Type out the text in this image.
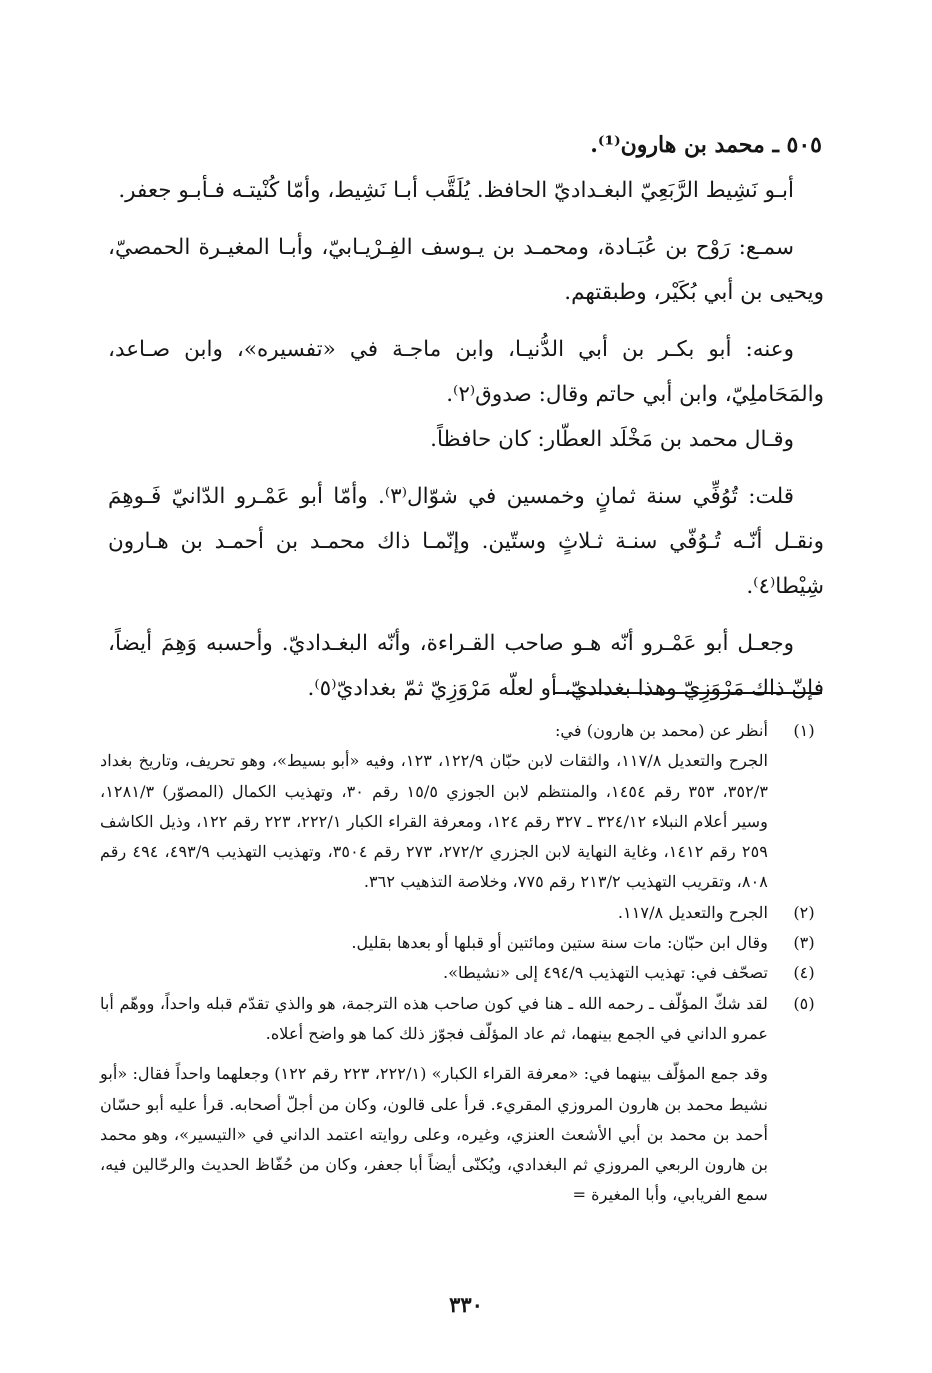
٥٠٥ ـ محمد بن هارون⁽¹⁾.

أبـو نَشِيط الرَّبَعِيّ البغـداديّ الحافظ. يُلَقَّب أبـا نَشِيط، وأمّا كُنْيتـه فـأبـو جعفر.

سمـع: رَوْح بن عُبَـادة، ومحمـد بن يـوسف الفِـرْيـابيّ، وأبـا المغيـرة الحمصيّ، ويحيى بن أبي بُكَيْر، وطبقتهم.

وعنه: أبو بكـر بن أبي الدُّنيـا، وابن ماجـة في «تفسيره»، وابن صـاعد، والمَحَاملِيّ، وابن أبي حاتم وقال: صدوق⁽٢⁾.

وقـال محمد بن مَخْلَد العطّار: كان حافظاً.

قلت: تُوُفِّي سنة ثمانٍ وخمسين في شوّال⁽٣⁾. وأمّا أبو عَمْـرو الدّانيّ فَـوهِمَ ونقـل أنّـه تُـوُفّي سنـة ثـلاثٍ وستّين. وإنّمـا ذاك محمـد بن أحمـد بن هـارون شِيْطا⁽٤⁾.

وجعـل أبو عَمْـرو أنّه هـو صاحب القـراءة، وأنّه البغـداديّ. وأحسبه وَهِمَ أيضاً، فإنّ ذاك مَرْوَزِيّ وهذا بغداديّ، أو لعلّه مَرْوَزِيّ ثمّ بغداديّ⁽٥⁾.

(١)
أنظر عن (محمد بن هارون) في:
الجرح والتعديل ١١٧/٨، والثقات لابن حبّان ١٢٢/٩، ١٢٣، وفيه «أبو بسيط»، وهو تحريف، وتاريخ بغداد ٣٥٢/٣، ٣٥٣ رقم ١٤٥٤، والمنتظم لابن الجوزي ١٥/٥ رقم ٣٠، وتهذيب الكمال (المصوّر) ١٢٨١/٣، وسير أعلام النبلاء ٣٢٤/١٢ ـ ٣٢٧ رقم ١٢٤، ومعرفة القراء الكبار ٢٢٢/١، ٢٢٣ رقم ١٢٢، وذيل الكاشف ٢٥٩ رقم ١٤١٢، وغاية النهاية لابن الجزري ٢٧٢/٢، ٢٧٣ رقم ٣٥٠٤، وتهذيب التهذيب ٤٩٣/٩، ٤٩٤ رقم ٨٠٨، وتقريب التهذيب ٢١٣/٢ رقم ٧٧٥، وخلاصة التذهيب ٣٦٢.
(٢)
الجرح والتعديل ١١٧/٨.
(٣)
وقال ابن حبّان: مات سنة ستين ومائتين أو قبلها أو بعدها بقليل.
(٤)
تصحّف في: تهذيب التهذيب ٤٩٤/٩ إلى «نشيطا».
(٥)
لقد شكّ المؤلّف ـ رحمه الله ـ هنا في كون صاحب هذه الترجمة، هو والذي تقدّم قبله واحداً، ووهّم أبا عمرو الداني في الجمع بينهما، ثم عاد المؤلّف فجوّز ذلك كما هو واضح أعلاه.
وقد جمع المؤلّف بينهما في: «معرفة القراء الكبار» (٢٢٢/١، ٢٢٣ رقم ١٢٢) وجعلهما واحداً فقال: «أبو نشيط محمد بن هارون المروزي المقريء. قرأ على قالون، وكان من أجلّ أصحابه. قرأ عليه أبو حسّان أحمد بن محمد بن أبي الأشعث العنزي، وغيره، وعلى روايته اعتمد الداني في «التيسير»، وهو محمد بن هارون الربعي المروزي ثم البغدادي، ويُكنّى أيضاً أبا جعفر، وكان من حُفّاظ الحديث والرحّالين فيه، سمع الفريابي، وأبا المغيرة =
٣٣٠
